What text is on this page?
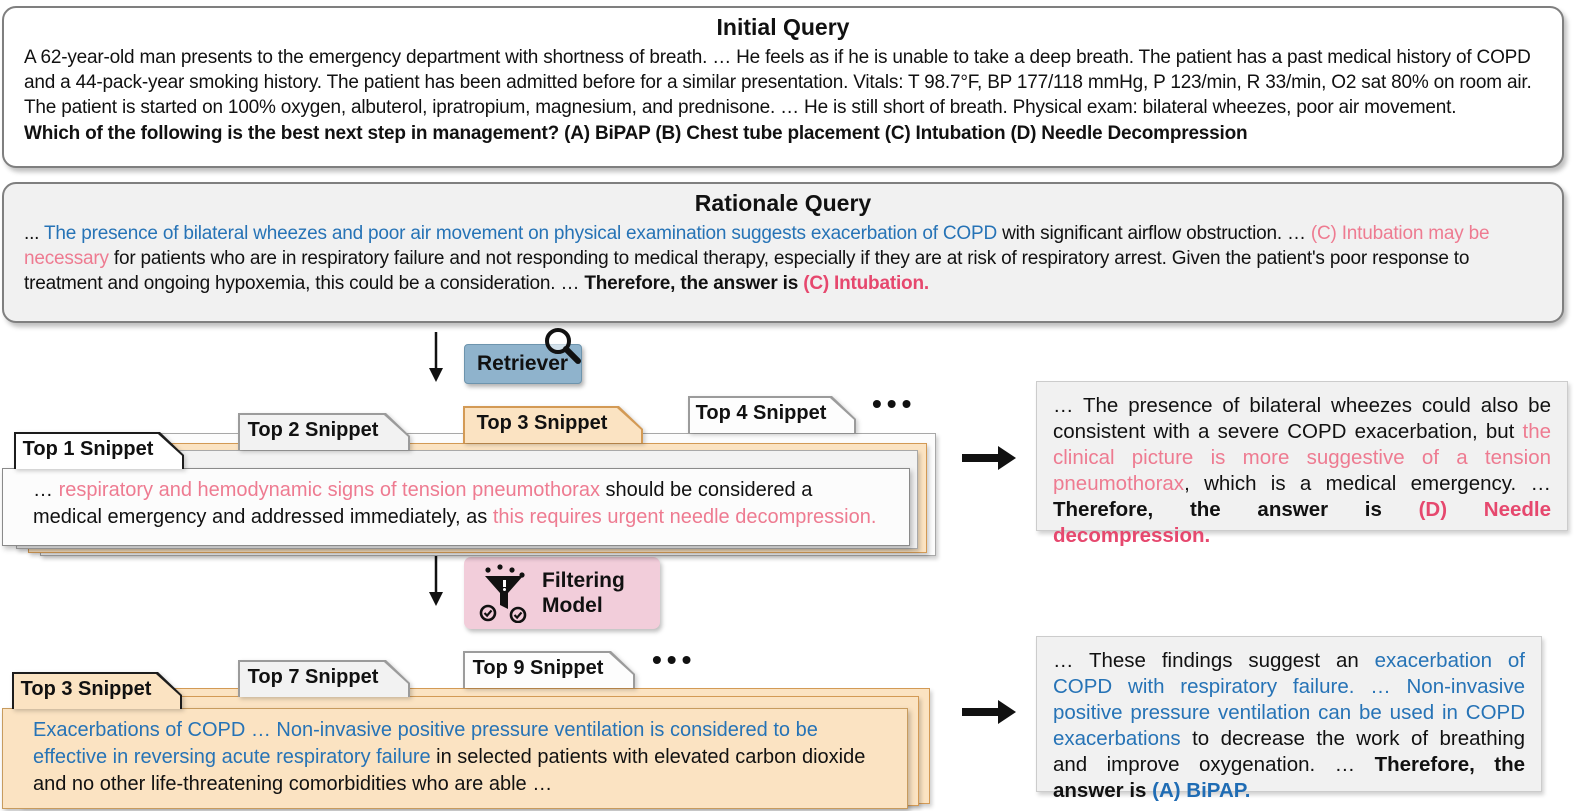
Initial Query
A 62-year-old man presents to the emergency department with shortness of breath. … He feels as if he is unable to take a deep breath. The patient has a past medical history of COPD and a 44-pack-year smoking history. The patient has been admitted before for a similar presentation. Vitals: T 98.7°F, BP 177/118 mmHg, P 123/min, R 33/min, O2 sat 80% on room air. The patient is started on 100% oxygen, albuterol, ipratropium, magnesium, and prednisone. … He is still short of breath. Physical exam: bilateral wheezes, poor air movement.
Which of the following is the best next step in management? (A) BiPAP (B) Chest tube placement (C) Intubation (D) Needle Decompression
Rationale Query
... The presence of bilateral wheezes and poor air movement on physical examination suggests exacerbation of COPD with significant airflow obstruction. … (C) Intubation may be necessary for patients who are in respiratory failure and not responding to medical therapy, especially if they are at risk of respiratory arrest. Given the patient's poor response to treatment and ongoing hypoxemia, this could be a consideration. … Therefore, the answer is (C) Intubation.
Retriever
Top 1 Snippet
Top 2 Snippet	Top 3 Snippet	Top 4 Snippet •••
… respiratory and hemodynamic signs of tension pneumothorax should be considered a medical emergency and addressed immediately, as this requires urgent needle decompression.
… The presence of bilateral wheezes could also be consistent with a severe COPD exacerbation, but the clinical picture is more suggestive of a tension pneumothorax, which is a medical emergency. … Therefore, the answer is (D) Needle decompression.
Filtering Model
Top 3 Snippet
Top 7 Snippet	Top 9 Snippet	•••
Exacerbations of COPD … Non-invasive positive pressure ventilation is considered to be effective in reversing acute respiratory failure in selected patients with elevated carbon dioxide and no other life-threatening comorbidities who are able …
… These findings suggest an exacerbation of COPD with respiratory failure. … Non-invasive positive pressure ventilation can be used in COPD exacerbations to decrease the work of breathing and improve oxygenation. … Therefore, the answer is (A) BiPAP.
